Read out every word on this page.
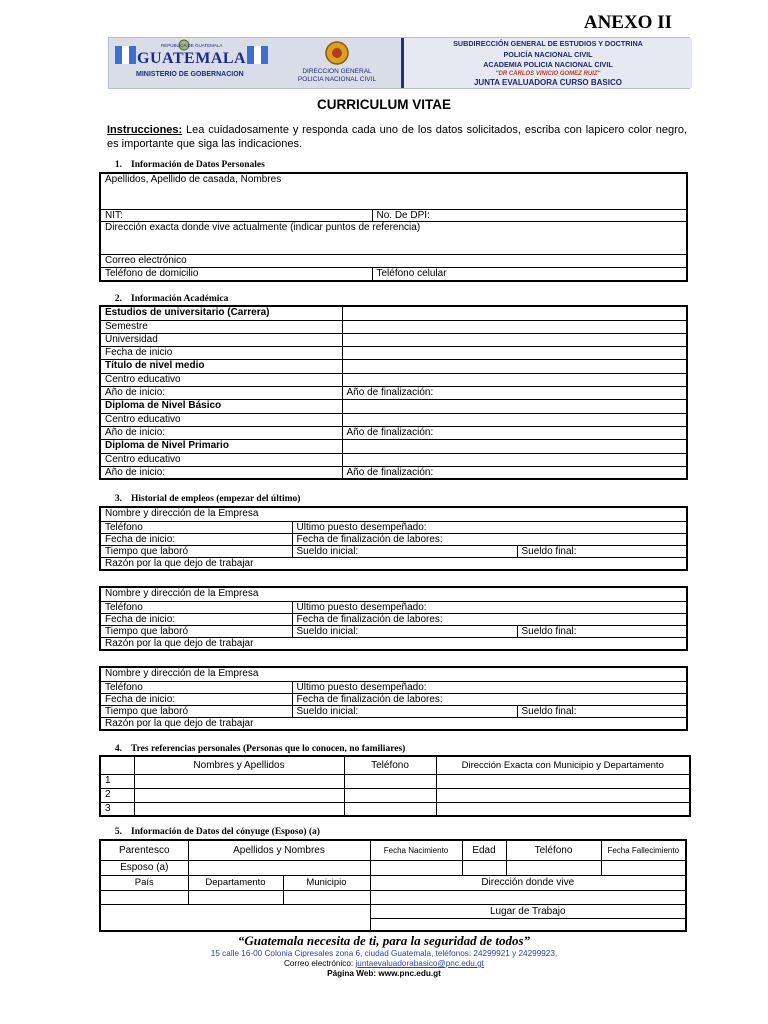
ANEXO II
REPÚBLICA DE GUATEMALA
GUATEMALA
MINISTERIO DE GOBERNACION	DIRECCION GENERAL
POLICIA NACIONAL CIVIL
SUBDIRECCIÓN GENERAL DE ESTUDIOS Y DOCTRINA
POLICÍA NACIONAL CIVIL
ACADEMIA POLICIA NACIONAL CIVIL
"DR CARLOS VINICIO GOMEZ RUIZ"
JUNTA EVALUADORA CURSO BASICO
CURRICULUM VITAE
Instrucciones: Lea cuidadosamente y responda cada uno de los datos solicitados, escriba con lapicero color negro, es importante que siga las indicaciones.
1. Información de Datos Personales
Apellidos, Apellido de casada, Nombres	
NIT:	No. De DPI:
Dirección exacta donde vive actualmente (indicar puntos de referencia)	
Correo electrónico	
Teléfono de domicilio	Teléfono celular
2. Información Académica
Estudios de universitario (Carrera)	
Semestre	
Universidad	
Fecha de inicio	
Título de nivel medio	
Centro educativo	
Año de inicio:	Año de finalización:
Diploma de Nivel Básico	
Centro educativo	
Año de inicio:	Año de finalización:
Diploma de Nivel Primario	
Centro educativo	
Año de inicio:	Año de finalización:
3. Historial de empleos (empezar del último)
Nombre y dirección de la Empresa		
Teléfono	Ultimo puesto desempeñado:	
Fecha de inicio:	Fecha de finalización de labores:	
Tiempo que laboró	Sueldo inicial:	Sueldo final:
Razón por la que dejo de trabajar		
Nombre y dirección de la Empresa		
Teléfono	Ultimo puesto desempeñado:	
Fecha de inicio:	Fecha de finalización de labores:	
Tiempo que laboró	Sueldo inicial:	Sueldo final:
Razón por la que dejo de trabajar		
Nombre y dirección de la Empresa		
Teléfono	Ultimo puesto desempeñado:	
Fecha de inicio:	Fecha de finalización de labores:	
Tiempo que laboró	Sueldo inicial:	Sueldo final:
Razón por la que dejo de trabajar		
4. Tres referencias personales (Personas que lo conocen, no familiares)
	Nombres y Apellidos	Teléfono	Dirección Exacta con Municipio y Departamento
1			
2			
3			
5. Información de Datos del cónyuge (Esposo) (a)
Parentesco	Apellidos y Nombres		Fecha Nacimiento	Edad	Teléfono	Fecha Fallecimiento
Esposo (a)						
País	Departamento	Municipio	Dirección donde vive			

			Lugar de Trabajo			

“Guatemala necesita de ti, para la seguridad de todos”
15 calle 16-00 Colonia Cipresales zona 6, ciudad Guatemala, teléfonos: 24299921 y 24299923,
Correo electrónico: juntaevaluadorabasico@pnc.edu.gt
Página Web: www.pnc.edu.gt
